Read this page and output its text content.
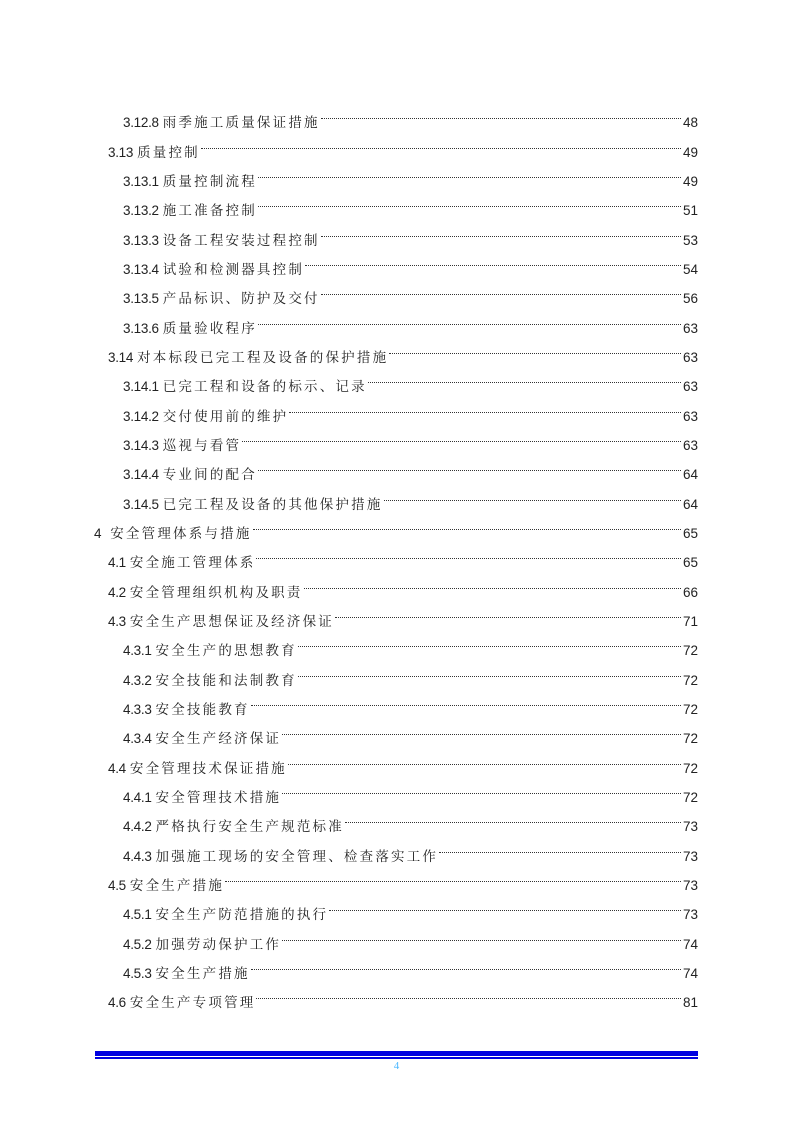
3.12.8 雨季施工质量保证措施	48
3.13 质量控制	49
3.13.1 质量控制流程	49
3.13.2 施工准备控制	51
3.13.3 设备工程安装过程控制	53
3.13.4 试验和检测器具控制	54
3.13.5 产品标识、防护及交付	56
3.13.6 质量验收程序	63
3.14 对本标段已完工程及设备的保护措施	63
3.14.1 已完工程和设备的标示、记录	63
3.14.2 交付使用前的维护	63
3.14.3 巡视与看管	63
3.14.4 专业间的配合	64
3.14.5 已完工程及设备的其他保护措施	64
4 安全管理体系与措施	65
4.1 安全施工管理体系	65
4.2 安全管理组织机构及职责	66
4.3 安全生产思想保证及经济保证	71
4.3.1 安全生产的思想教育	72
4.3.2 安全技能和法制教育	72
4.3.3 安全技能教育	72
4.3.4 安全生产经济保证	72
4.4 安全管理技术保证措施	72
4.4.1 安全管理技术措施	72
4.4.2 严格执行安全生产规范标准	73
4.4.3 加强施工现场的安全管理、检查落实工作	73
4.5 安全生产措施	73
4.5.1 安全生产防范措施的执行	73
4.5.2 加强劳动保护工作	74
4.5.3 安全生产措施	74
4.6 安全生产专项管理	81
4
